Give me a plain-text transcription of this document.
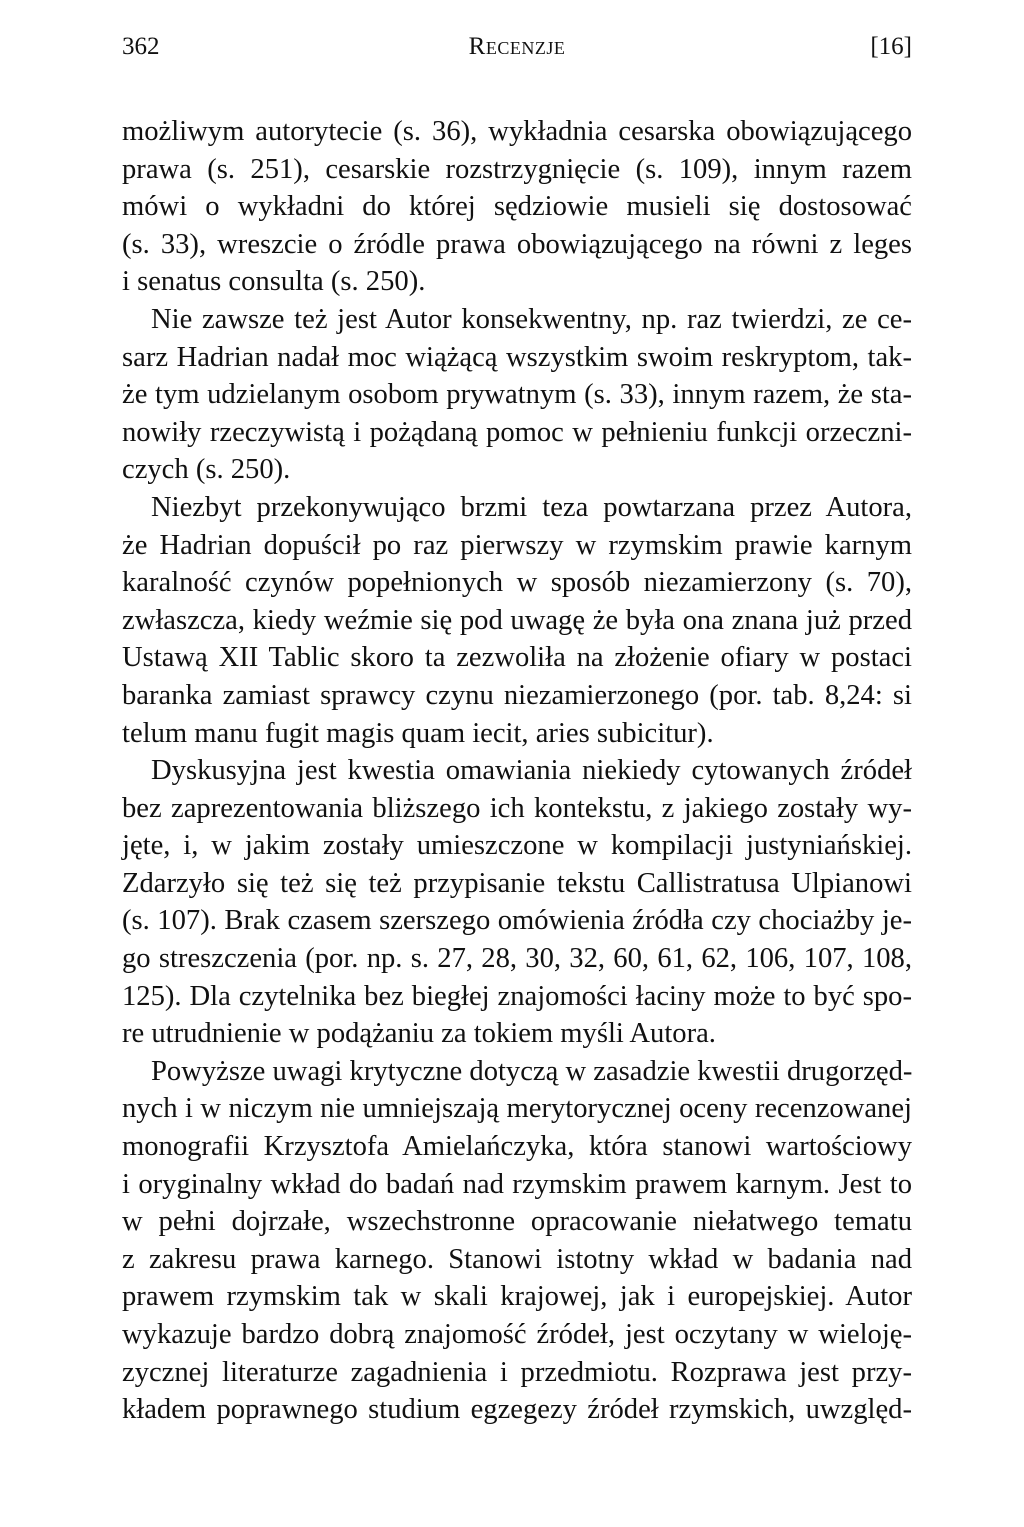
362	Recenzje	[16]
możliwym autorytecie (s. 36), wykładnia cesarska obowiązującego
prawa (s. 251), cesarskie rozstrzygnięcie (s. 109), innym razem
mówi o wykładni do której sędziowie musieli się dostosować
(s. 33), wreszcie o źródle prawa obowiązującego na równi z leges
i senatus consulta (s. 250).
Nie zawsze też jest Autor konsekwentny, np. raz twierdzi, ze ce-
sarz Hadrian nadał moc wiążącą wszystkim swoim reskryptom, tak-
że tym udzielanym osobom prywatnym (s. 33), innym razem, że sta-
nowiły rzeczywistą i pożądaną pomoc w pełnieniu funkcji orzeczni-
czych (s. 250).
Niezbyt przekonywująco brzmi teza powtarzana przez Autora,
że Hadrian dopuścił po raz pierwszy w rzymskim prawie karnym
karalność czynów popełnionych w sposób niezamierzony (s. 70),
zwłaszcza, kiedy weźmie się pod uwagę że była ona znana już przed
Ustawą XII Tablic skoro ta zezwoliła na złożenie ofiary w postaci
baranka zamiast sprawcy czynu niezamierzonego (por. tab. 8,24: si
telum manu fugit magis quam iecit, aries subicitur).
Dyskusyjna jest kwestia omawiania niekiedy cytowanych źródeł
bez zaprezentowania bliższego ich kontekstu, z jakiego zostały wy-
jęte, i, w jakim zostały umieszczone w kompilacji justyniańskiej.
Zdarzyło się też się też przypisanie tekstu Callistratusa Ulpianowi
(s. 107). Brak czasem szerszego omówienia źródła czy chociażby je-
go streszczenia (por. np. s. 27, 28, 30, 32, 60, 61, 62, 106, 107, 108,
125). Dla czytelnika bez biegłej znajomości łaciny może to być spo-
re utrudnienie w podążaniu za tokiem myśli Autora.
Powyższe uwagi krytyczne dotyczą w zasadzie kwestii drugorzęd-
nych i w niczym nie umniejszają merytorycznej oceny recenzowanej
monografii Krzysztofa Amielańczyka, która stanowi wartościowy
i oryginalny wkład do badań nad rzymskim prawem karnym. Jest to
w pełni dojrzałe, wszechstronne opracowanie niełatwego tematu
z zakresu prawa karnego. Stanowi istotny wkład w badania nad
prawem rzymskim tak w skali krajowej, jak i europejskiej. Autor
wykazuje bardzo dobrą znajomość źródeł, jest oczytany w wieloję-
zycznej literaturze zagadnienia i przedmiotu. Rozprawa jest przy-
kładem poprawnego studium egzegezy źródeł rzymskich, uwzględ-
